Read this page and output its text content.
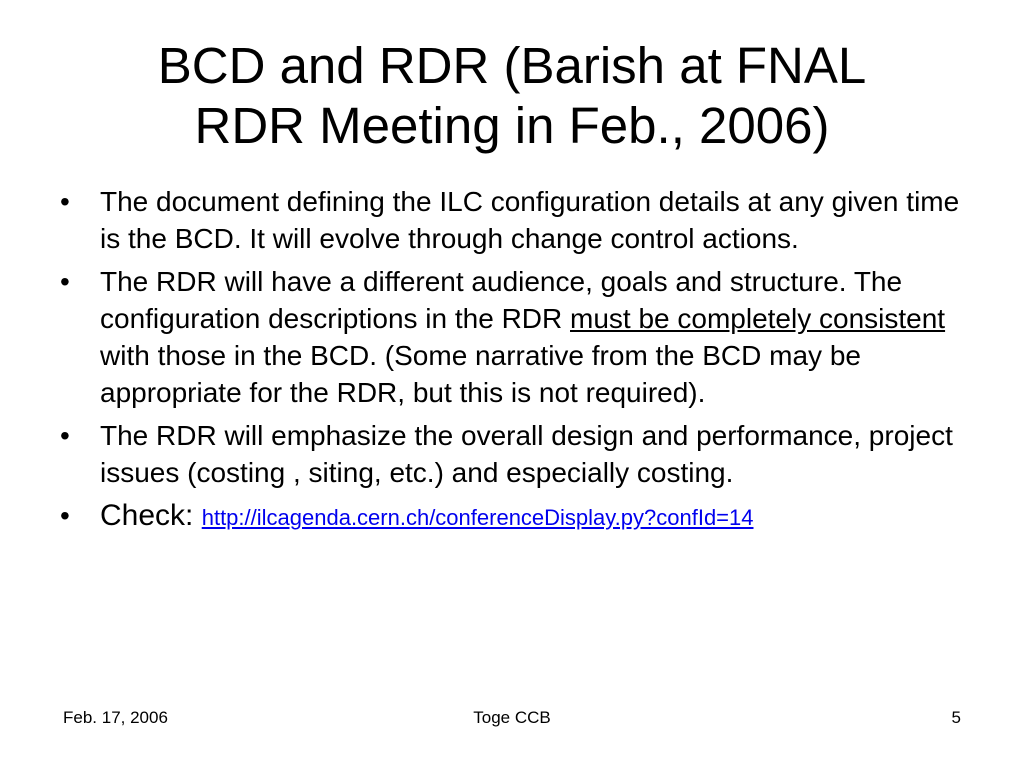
BCD and RDR (Barish at FNAL
RDR Meeting in Feb., 2006)
• The document defining the ILC configuration details at any given time is the BCD. It will evolve through change control actions.
• The RDR will have a different audience, goals and structure. The configuration descriptions in the RDR must be completely consistent with those in the BCD. (Some narrative from the BCD may be appropriate for the RDR, but this is not required).
• The RDR will emphasize the overall design and performance, project issues (costing , siting, etc.) and especially costing.
• Check: http://ilcagenda.cern.ch/conferenceDisplay.py?confId=14
Feb. 17, 2006	Toge CCB	5
